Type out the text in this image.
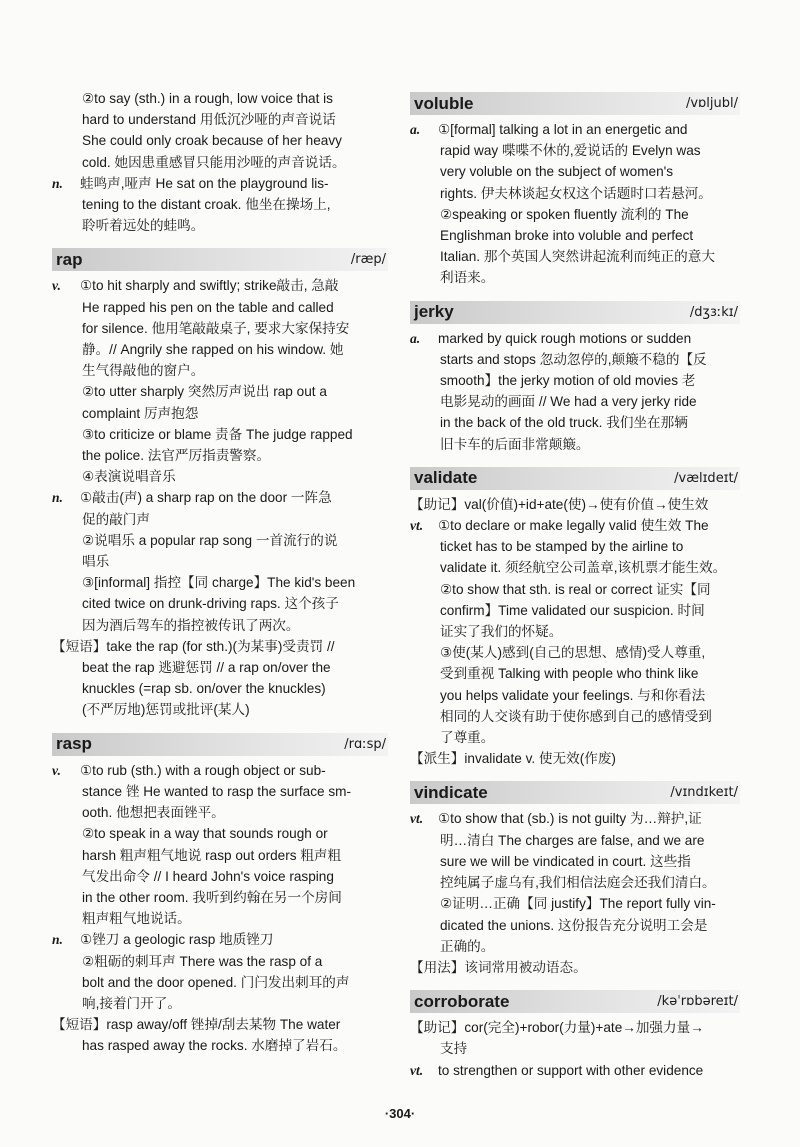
②to say (sth.) in a rough, low voice that is
hard to understand 用低沉沙哑的声音说话
She could only croak because of her heavy
cold. 她因患重感冒只能用沙哑的声音说话。
n. 蛙鸣声,哑声 He sat on the playground lis-
tening to the distant croak. 他坐在操场上,
聆听着远处的蛙鸣。
rap	/ræp/
v. ①to hit sharply and swiftly; strike敲击, 急敲
He rapped his pen on the table and called
for silence. 他用笔敲敲桌子, 要求大家保持安
静。// Angrily she rapped on his window. 她
生气得敲他的窗户。
②to utter sharply 突然厉声说出 rap out a
complaint 厉声抱怨
③to criticize or blame 责备 The judge rapped
the police. 法官严厉指责警察。
④表演说唱音乐
n. ①敲击(声) a sharp rap on the door 一阵急
促的敲门声
②说唱乐 a popular rap song 一首流行的说
唱乐
③[informal] 指控【同 charge】The kid's been
cited twice on drunk-driving raps. 这个孩子
因为酒后驾车的指控被传讯了两次。
【短语】take the rap (for sth.)(为某事)受责罚 //
beat the rap 逃避惩罚 // a rap on/over the
knuckles (=rap sb. on/over the knuckles)
(不严厉地)惩罚或批评(某人)
rasp	/rɑːsp/
v. ①to rub (sth.) with a rough object or sub-
stance 锉 He wanted to rasp the surface sm-
ooth. 他想把表面锉平。
②to speak in a way that sounds rough or
harsh 粗声粗气地说 rasp out orders 粗声粗
气发出命令 // I heard John's voice rasping
in the other room. 我听到约翰在另一个房间
粗声粗气地说话。
n. ①锉刀 a geologic rasp 地质锉刀
②粗砺的刺耳声 There was the rasp of a
bolt and the door opened. 门闩发出刺耳的声
响,接着门开了。
【短语】rasp away/off 锉掉/刮去某物 The water
has rasped away the rocks. 水磨掉了岩石。
voluble	/vɒljubl/
a. ①[formal] talking a lot in an energetic and
rapid way 喋喋不休的,爱说话的 Evelyn was
very voluble on the subject of women's
rights. 伊夫林谈起女权这个话题时口若悬河。
②speaking or spoken fluently 流利的 The
Englishman broke into voluble and perfect
Italian. 那个英国人突然讲起流利而纯正的意大
利语来。
jerky	/dʒɜːkɪ/
a. marked by quick rough motions or sudden
starts and stops 忽动忽停的,颠簸不稳的【反
smooth】the jerky motion of old movies 老
电影晃动的画面 // We had a very jerky ride
in the back of the old truck. 我们坐在那辆
旧卡车的后面非常颠簸。
validate	/vælɪdeɪt/
【助记】val(价值)+id+ate(使)→使有价值→使生效
vt. ①to declare or make legally valid 使生效 The
ticket has to be stamped by the airline to
validate it. 须经航空公司盖章,该机票才能生效。
②to show that sth. is real or correct 证实【同
confirm】Time validated our suspicion. 时间
证实了我们的怀疑。
③使(某人)感到(自己的思想、感情)受人尊重,
受到重视 Talking with people who think like
you helps validate your feelings. 与和你看法
相同的人交谈有助于使你感到自己的感情受到
了尊重。
【派生】invalidate v. 使无效(作废)
vindicate	/vɪndɪkeɪt/
vt. ①to show that (sb.) is not guilty 为…辩护,证
明…清白 The charges are false, and we are
sure we will be vindicated in court. 这些指
控纯属子虚乌有,我们相信法庭会还我们清白。
②证明…正确【同 justify】The report fully vin-
dicated the unions. 这份报告充分说明工会是
正确的。
【用法】该词常用被动语态。
corroborate	/kəˈrɒbəreɪt/
【助记】cor(完全)+robor(力量)+ate→加强力量→
支持
vt. to strengthen or support with other evidence
·304·
